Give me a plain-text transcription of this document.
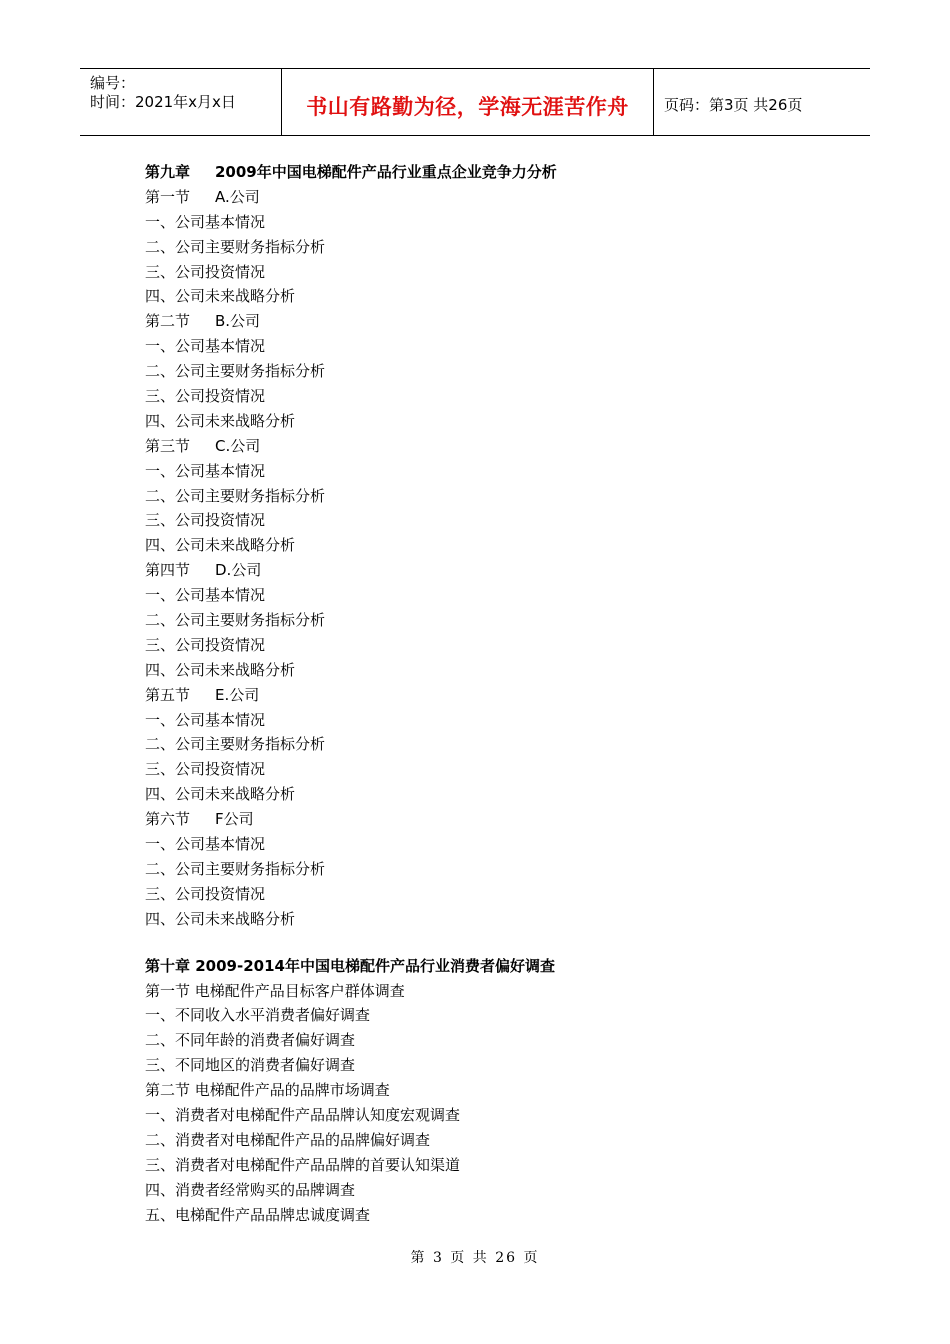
编号：
时间：2021年x月x日	书山有路勤为径，学海无涯苦作舟	页码：第3页 共26页
第九章 2009年中国电梯配件产品行业重点企业竞争力分析
第一节 A.公司
一、公司基本情况
二、公司主要财务指标分析
三、公司投资情况
四、公司未来战略分析
第二节 B.公司
一、公司基本情况
二、公司主要财务指标分析
三、公司投资情况
四、公司未来战略分析
第三节 C.公司
一、公司基本情况
二、公司主要财务指标分析
三、公司投资情况
四、公司未来战略分析
第四节 D.公司
一、公司基本情况
二、公司主要财务指标分析
三、公司投资情况
四、公司未来战略分析
第五节 E.公司
一、公司基本情况
二、公司主要财务指标分析
三、公司投资情况
四、公司未来战略分析
第六节 F公司
一、公司基本情况
二、公司主要财务指标分析
三、公司投资情况
四、公司未来战略分析
第十章 2009-2014年中国电梯配件产品行业消费者偏好调查
第一节 电梯配件产品目标客户群体调查
一、不同收入水平消费者偏好调查
二、不同年龄的消费者偏好调查
三、不同地区的消费者偏好调查
第二节 电梯配件产品的品牌市场调查
一、消费者对电梯配件产品品牌认知度宏观调查
二、消费者对电梯配件产品的品牌偏好调查
三、消费者对电梯配件产品品牌的首要认知渠道
四、消费者经常购买的品牌调查
五、电梯配件产品品牌忠诚度调查
第 3 页 共 26 页
